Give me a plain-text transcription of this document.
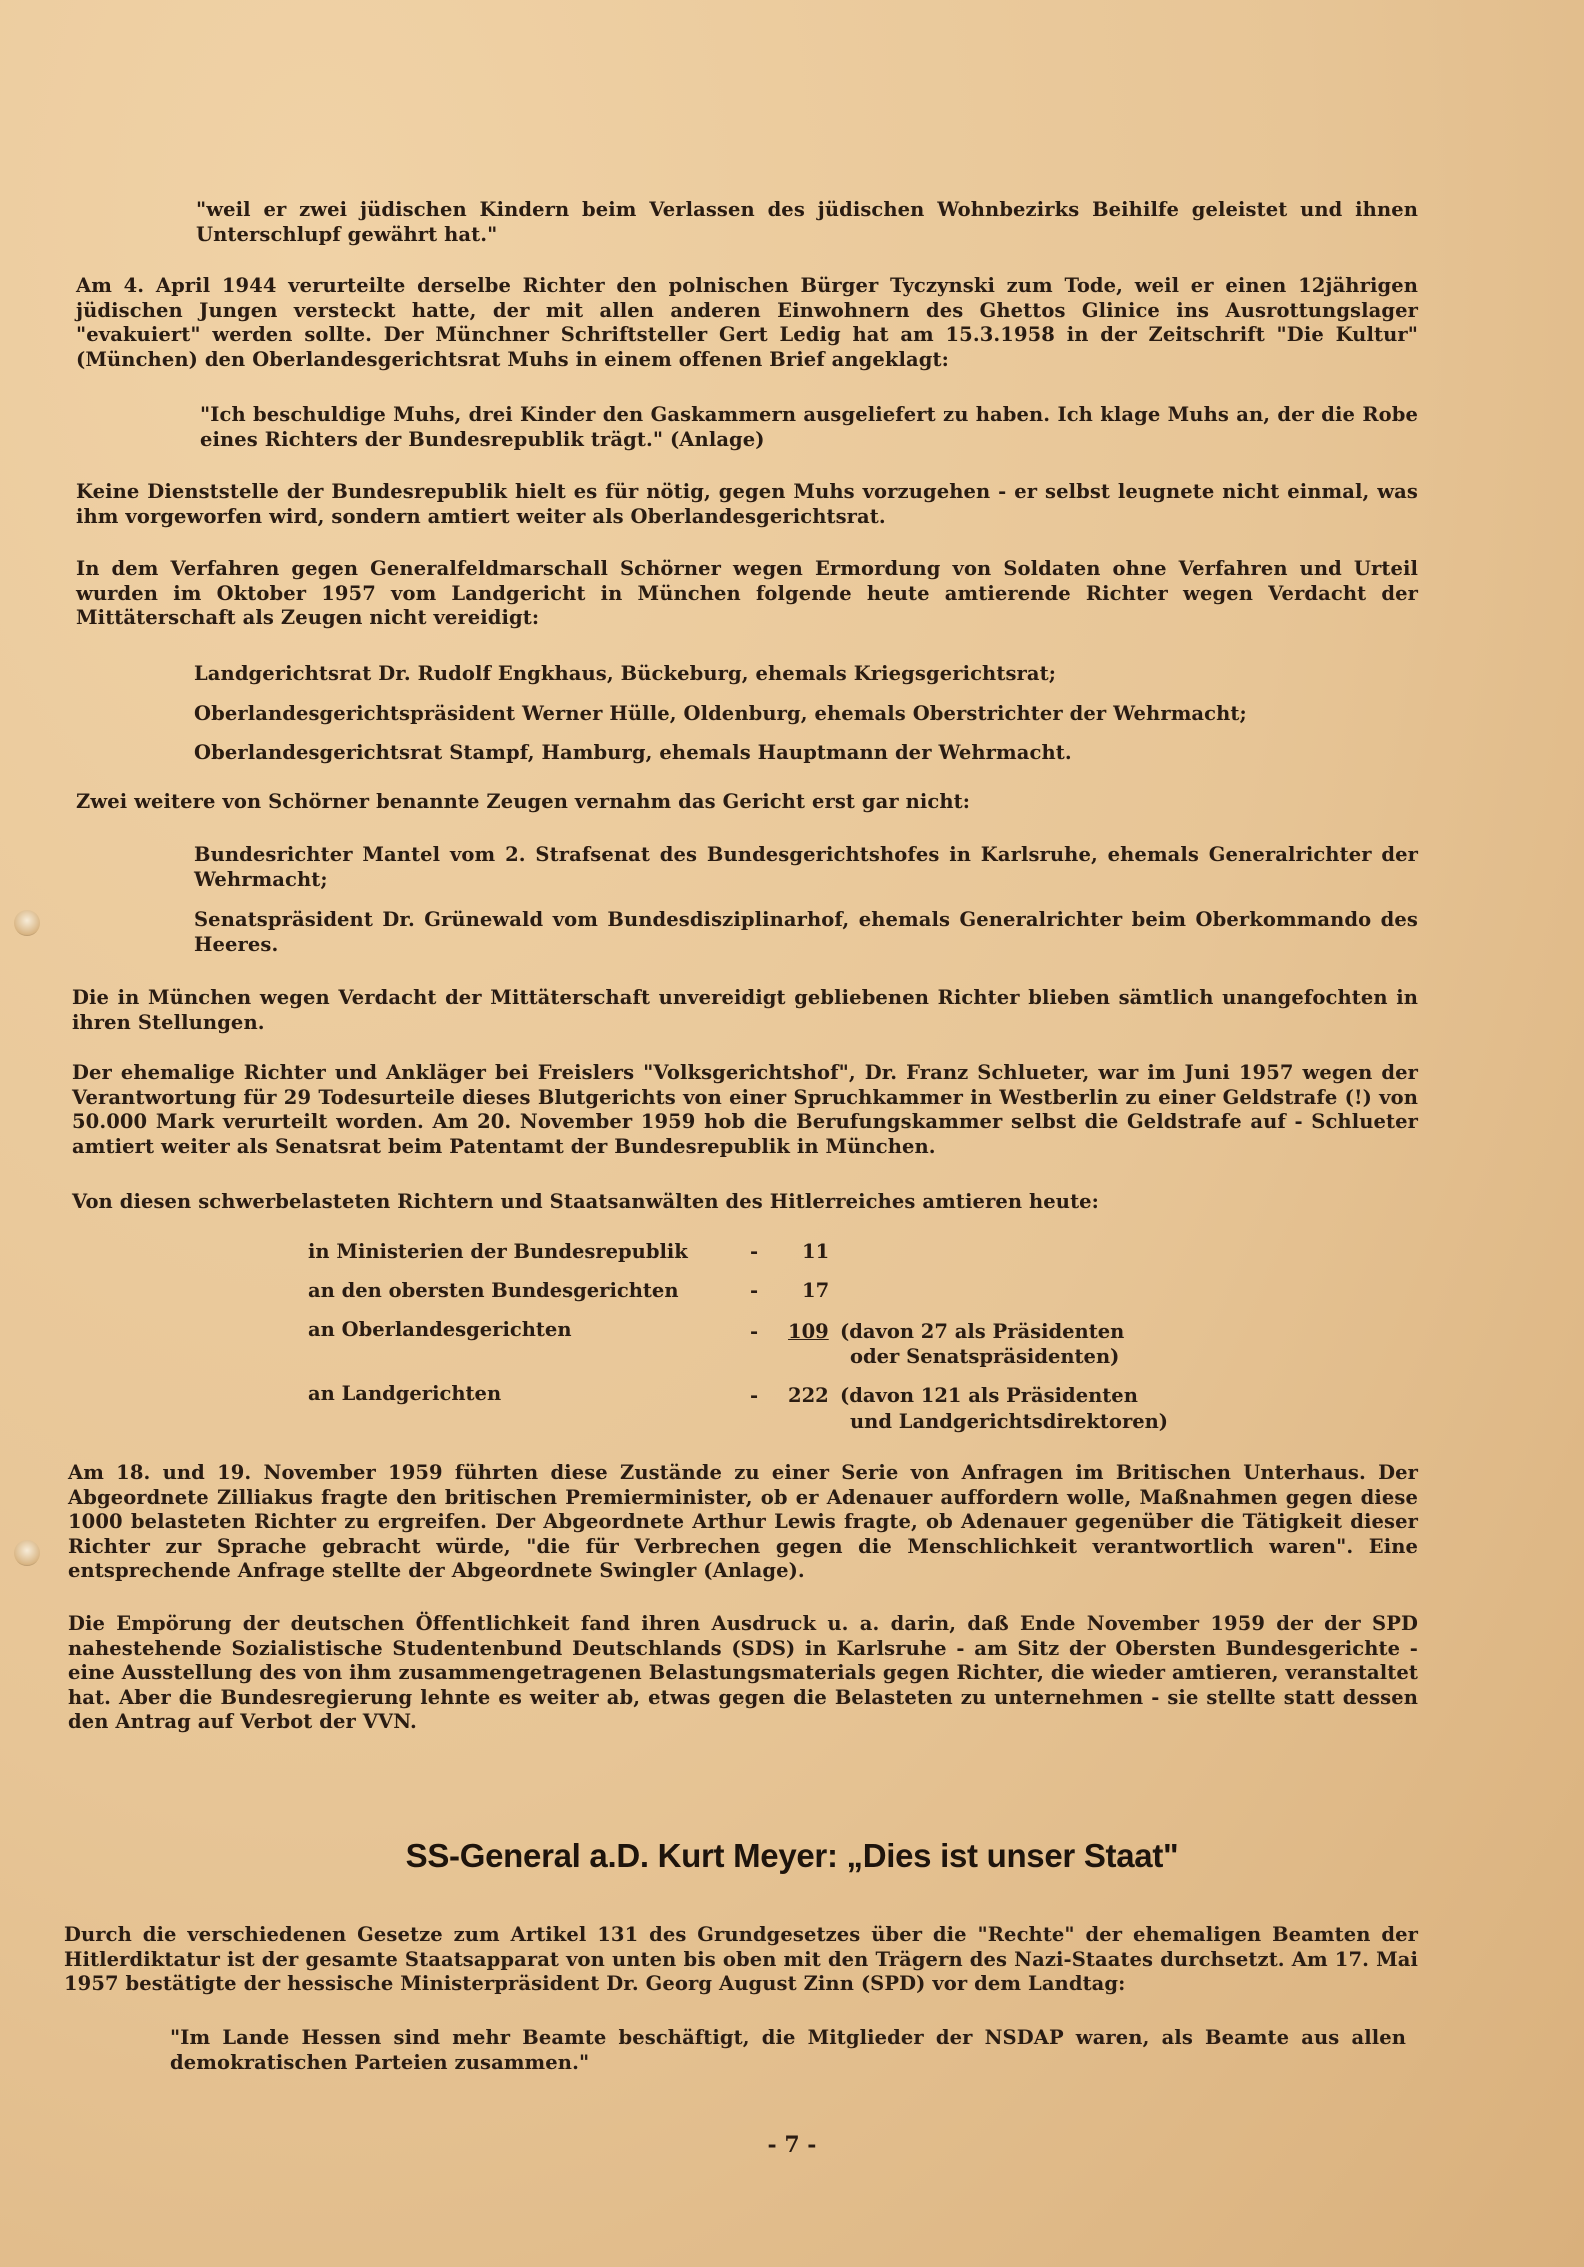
"weil er zwei jüdischen Kindern beim Verlassen des jüdischen Wohnbezirks Beihilfe geleistet und ihnen Unterschlupf gewährt hat."

Am 4. April 1944 verurteilte derselbe Richter den polnischen Bürger Tyczynski zum Tode, weil er einen 12jährigen jüdischen Jungen versteckt hatte, der mit allen anderen Einwohnern des Ghettos Glinice ins Ausrottungslager "evakuiert" werden sollte. Der Münchner Schriftsteller Gert Ledig hat am 15.3.1958 in der Zeitschrift "Die Kultur" (München) den Oberlandesgerichtsrat Muhs in einem offenen Brief angeklagt:

"Ich beschuldige Muhs, drei Kinder den Gaskammern ausgeliefert zu haben. Ich klage Muhs an, der die Robe eines Richters der Bundesrepublik trägt." (Anlage)

Keine Dienststelle der Bundesrepublik hielt es für nötig, gegen Muhs vorzugehen - er selbst leugnete nicht einmal, was ihm vorgeworfen wird, sondern amtiert weiter als Oberlandesgerichtsrat.

In dem Verfahren gegen Generalfeldmarschall Schörner wegen Ermordung von Soldaten ohne Verfahren und Urteil wurden im Oktober 1957 vom Landgericht in München folgende heute amtierende Richter wegen Verdacht der Mittäterschaft als Zeugen nicht vereidigt:

Landgerichtsrat Dr. Rudolf Engkhaus, Bückeburg, ehemals Kriegsgerichtsrat;

Oberlandesgerichtspräsident Werner Hülle, Oldenburg, ehemals Oberstrichter der Wehrmacht;

Oberlandesgerichtsrat Stampf, Hamburg, ehemals Hauptmann der Wehrmacht.

Zwei weitere von Schörner benannte Zeugen vernahm das Gericht erst gar nicht:

Bundesrichter Mantel vom 2. Strafsenat des Bundesgerichtshofes in Karlsruhe, ehemals Generalrichter der Wehrmacht;

Senatspräsident Dr. Grünewald vom Bundesdisziplinarhof, ehemals Generalrichter beim Oberkommando des Heeres.

Die in München wegen Verdacht der Mittäterschaft unvereidigt gebliebenen Richter blieben sämtlich unangefochten in ihren Stellungen.

Der ehemalige Richter und Ankläger bei Freislers "Volksgerichtshof", Dr. Franz Schlueter, war im Juni 1957 wegen der Verantwortung für 29 Todesurteile dieses Blutgerichts von einer Spruchkammer in Westberlin zu einer Geldstrafe (!) von 50.000 Mark verurteilt worden. Am 20. November 1959 hob die Berufungskammer selbst die Geldstrafe auf - Schlueter amtiert weiter als Senatsrat beim Patentamt der Bundesrepublik in München.

Von diesen schwerbelasteten Richtern und Staatsanwälten des Hitlerreiches amtieren heute:

in Ministerien der Bundesrepublik	- 11
an den obersten Bundesgerichten	- 17
an Oberlandesgerichten	- 109 (davon 27 als Präsidenten
oder Senatspräsidenten)
an Landgerichten	- 222 (davon 121 als Präsidenten
und Landgerichtsdirektoren)

Am 18. und 19. November 1959 führten diese Zustände zu einer Serie von Anfragen im Britischen Unterhaus. Der Abgeordnete Zilliakus fragte den britischen Premierminister, ob er Adenauer auffordern wolle, Maßnahmen gegen diese 1000 belasteten Richter zu ergreifen. Der Abgeordnete Arthur Lewis fragte, ob Adenauer gegenüber die Tätigkeit dieser Richter zur Sprache gebracht würde, "die für Verbrechen gegen die Menschlichkeit verantwortlich waren". Eine entsprechende Anfrage stellte der Abgeordnete Swingler (Anlage).

Die Empörung der deutschen Öffentlichkeit fand ihren Ausdruck u. a. darin, daß Ende November 1959 der der SPD nahestehende Sozialistische Studentenbund Deutschlands (SDS) in Karlsruhe - am Sitz der Obersten Bundesgerichte - eine Ausstellung des von ihm zusammengetragenen Belastungsmaterials gegen Richter, die wieder amtieren, veranstaltet hat. Aber die Bundesregierung lehnte es weiter ab, etwas gegen die Belasteten zu unternehmen - sie stellte statt dessen den Antrag auf Verbot der VVN.

SS-General a.D. Kurt Meyer: „Dies ist unser Staat"

Durch die verschiedenen Gesetze zum Artikel 131 des Grundgesetzes über die "Rechte" der ehemaligen Beamten der Hitlerdiktatur ist der gesamte Staatsapparat von unten bis oben mit den Trägern des Nazi-Staates durchsetzt. Am 17. Mai 1957 bestätigte der hessische Ministerpräsident Dr. Georg August Zinn (SPD) vor dem Landtag:

"Im Lande Hessen sind mehr Beamte beschäftigt, die Mitglieder der NSDAP waren, als Beamte aus allen demokratischen Parteien zusammen."

- 7 -
